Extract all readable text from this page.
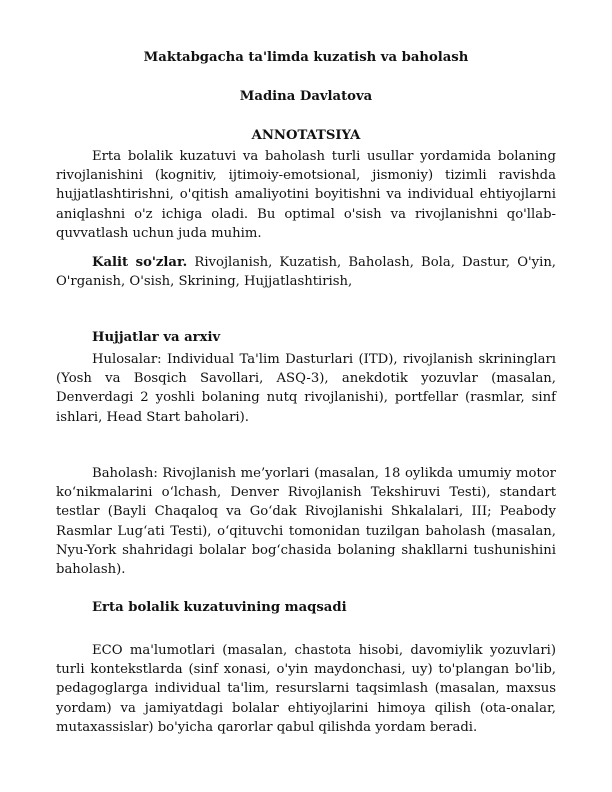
Maktabgacha ta'limda kuzatish va baholash
Madina Davlatova
ANNOTATSIYA
Erta bolalik kuzatuvi va baholash turli usullar yordamida bolaning rivojlanishini (kognitiv, ijtimoiy-emotsional, jismoniy) tizimli ravishda hujjatlashtirishni, o'qitish amaliyotini boyitishni va individual ehtiyojlarni aniqlashni o'z ichiga oladi. Bu optimal o'sish va rivojlanishni qo'llab-quvvatlash uchun juda muhim.
Kalit so'zlar. Rivojlanish, Kuzatish, Baholash, Bola, Dastur, O'yin, O'rganish, O'sish, Skrining, Hujjatlashtirish,
Hujjatlar va arxiv
Hulosalar: Individual Ta'lim Dasturlari (ITD), rivojlanish skriningları (Yosh va Bosqich Savollari, ASQ-3), anekdotik yozuvlar (masalan, Denverdagi 2 yoshli bolaning nutq rivojlanishi), portfellar (rasmlar, sinf ishlari, Head Start baholari).
Baholash: Rivojlanish me’yorlari (masalan, 18 oylikda umumiy motor ko‘nikmalarini o‘lchash, Denver Rivojlanish Tekshiruvi Testi), standart testlar (Bayli Chaqaloq va Go‘dak Rivojlanishi Shkalalari, III; Peabody Rasmlar Lug‘ati Testi), o‘qituvchi tomonidan tuzilgan baholash (masalan, Nyu-York shahridagi bolalar bog‘chasida bolaning shakllarni tushunishini baholash).
Erta bolalik kuzatuvining maqsadi
ECO ma'lumotlari (masalan, chastota hisobi, davomiylik yozuvlari) turli kontekstlarda (sinf xonasi, o'yin maydonchasi, uy) to'plangan bo'lib, pedagoglarga individual ta'lim, resurslarni taqsimlash (masalan, maxsus yordam) va jamiyatdagi bolalar ehtiyojlarini himoya qilish (ota-onalar, mutaxassislar) bo'yicha qarorlar qabul qilishda yordam beradi.
